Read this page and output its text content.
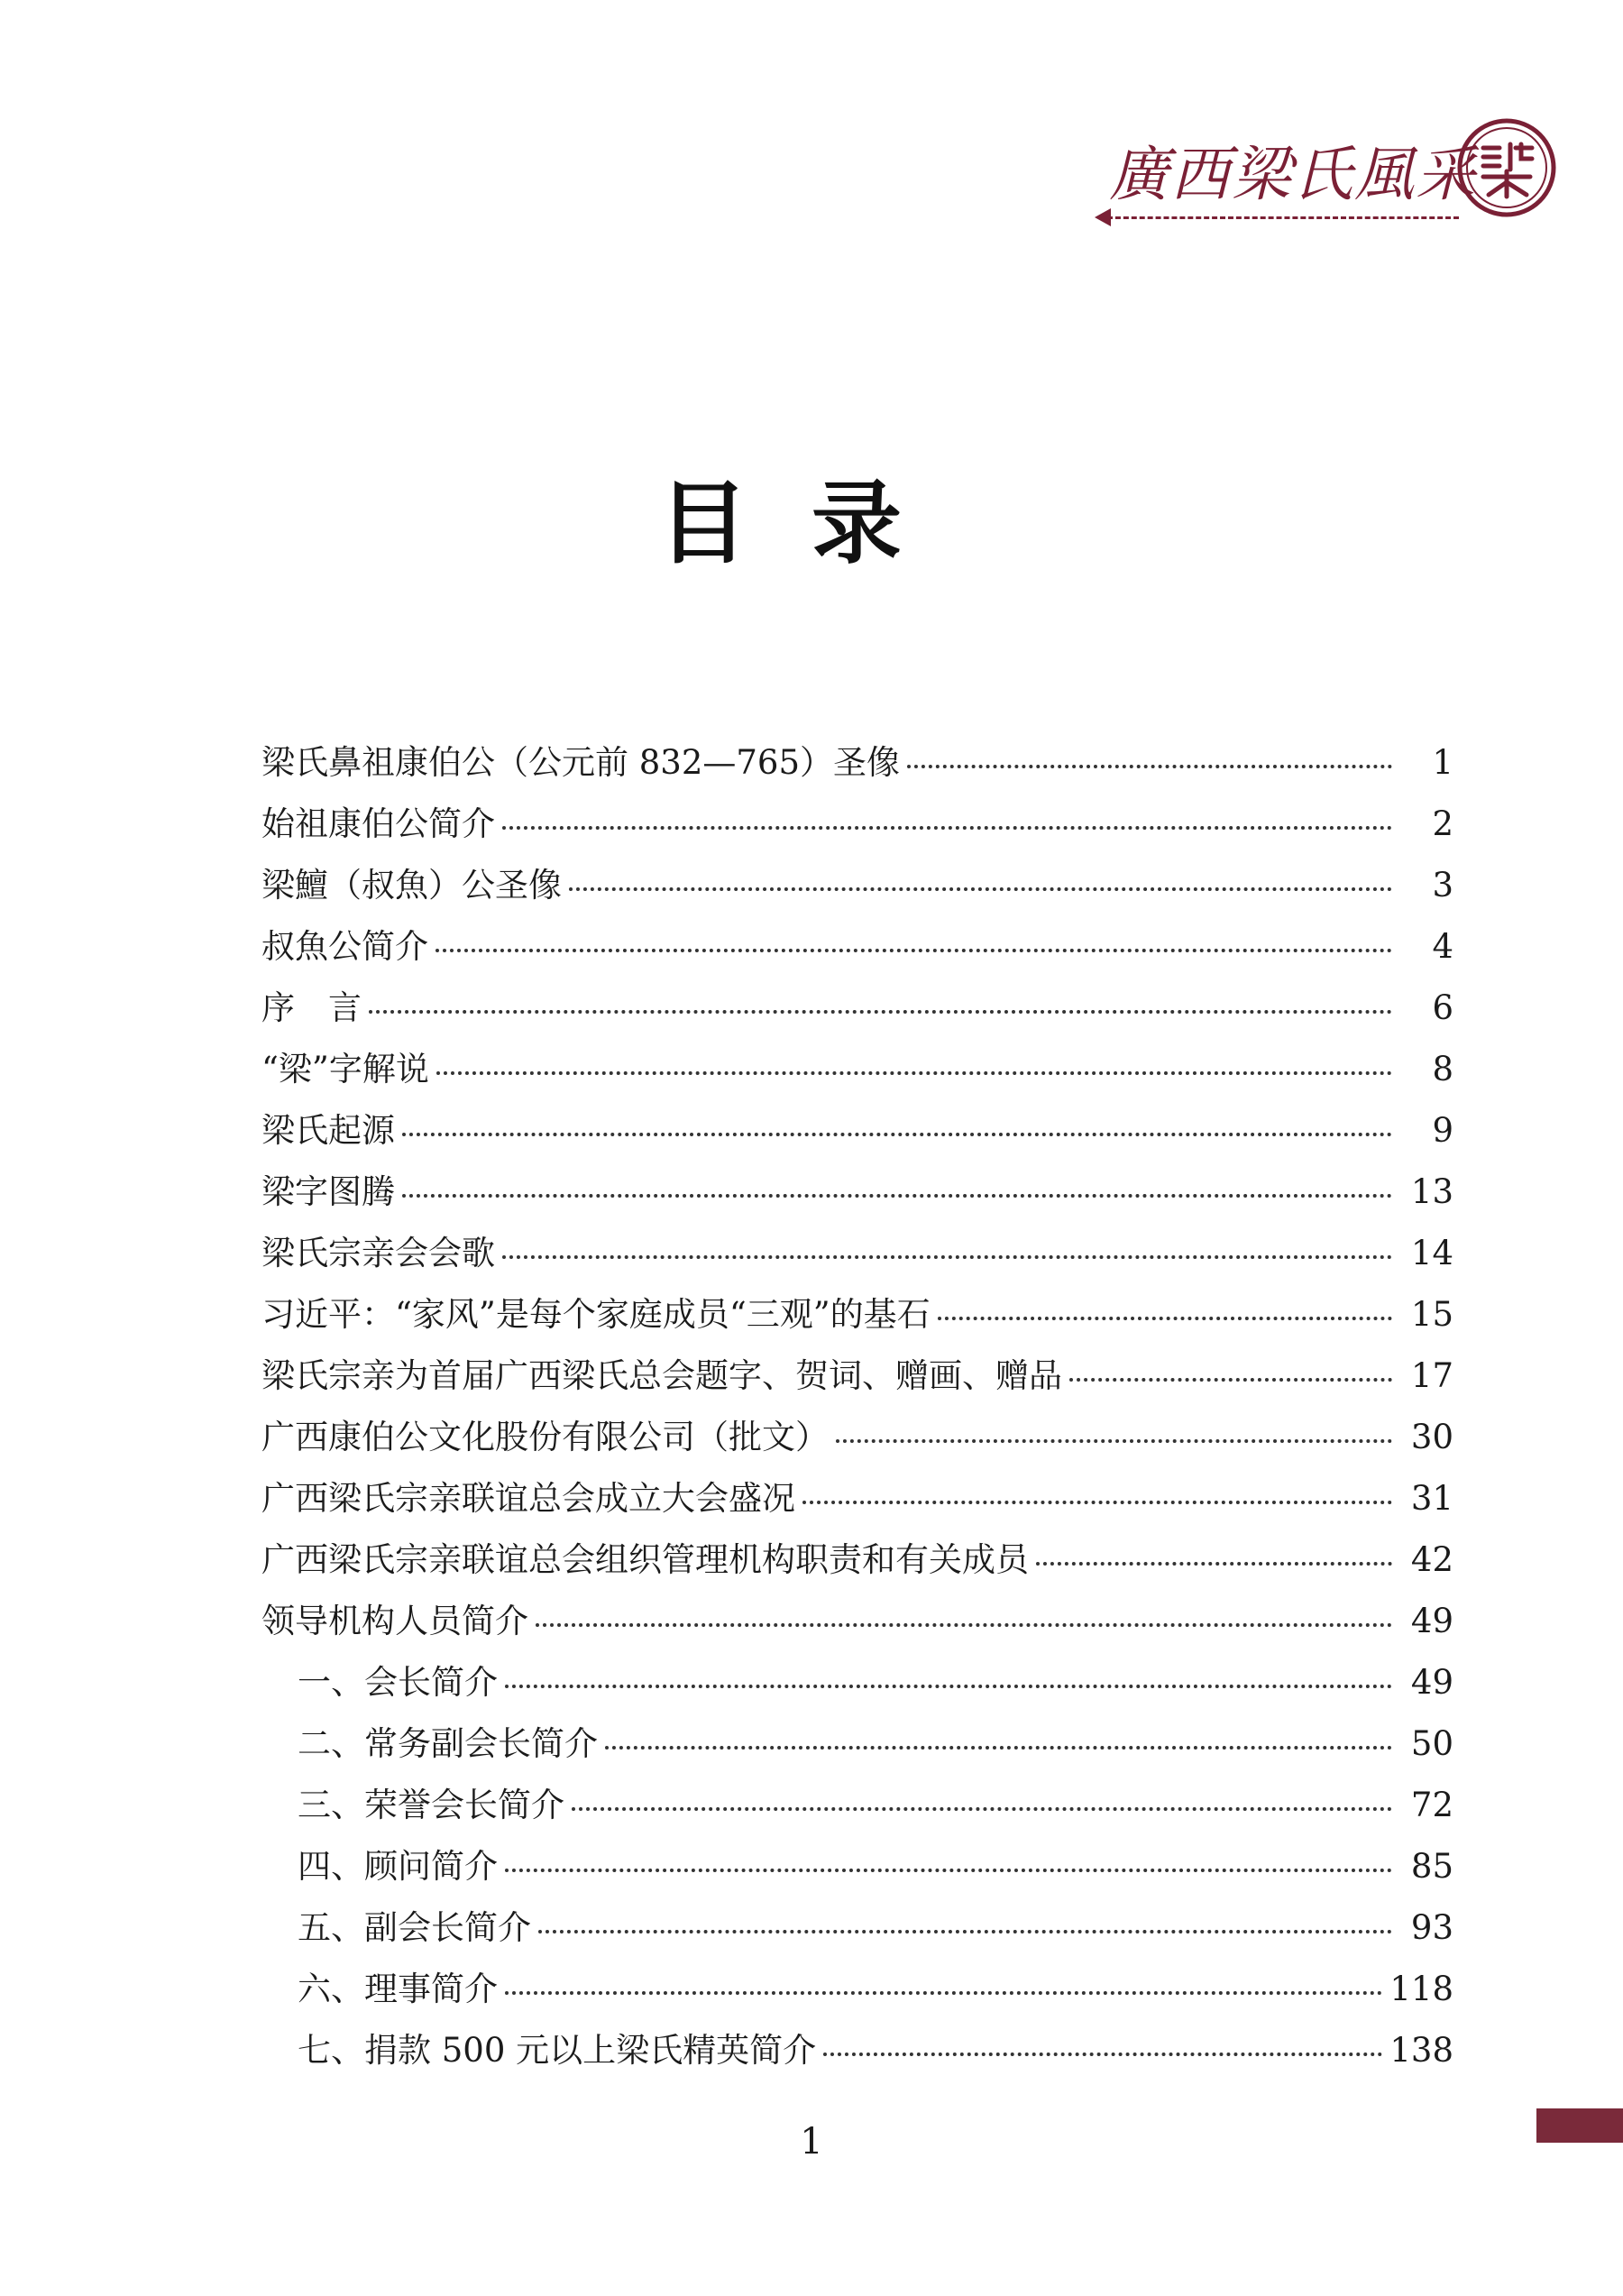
廣西梁氏風采
目录
梁氏鼻祖康伯公（公元前 832—765）圣像	1
始祖康伯公简介	2
梁鱣（叔魚）公圣像	3
叔魚公简介	4
序　言	6
“梁”字解说	8
梁氏起源	9
梁字图腾	13
梁氏宗亲会会歌	14
习近平：“家风”是每个家庭成员“三观”的基石	15
梁氏宗亲为首届广西梁氏总会题字、贺词、赠画、赠品	17
广西康伯公文化股份有限公司（批文）	30
广西梁氏宗亲联谊总会成立大会盛况	31
广西梁氏宗亲联谊总会组织管理机构职责和有关成员	42
领导机构人员简介	49
一、会长简介	49
二、常务副会长简介	50
三、荣誉会长简介	72
四、顾问简介	85
五、副会长简介	93
六、理事简介	118
七、捐款 500 元以上梁氏精英简介	138
1
